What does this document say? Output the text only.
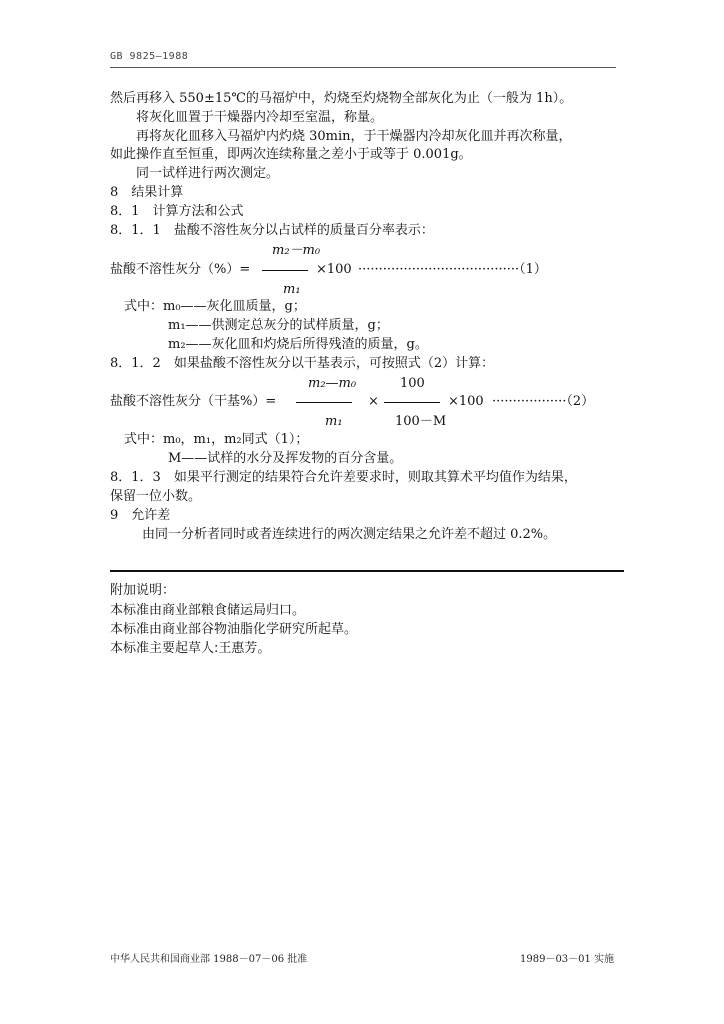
GB 9825—1988
然后再移入 550±15℃的马福炉中，灼烧至灼烧物全部灰化为止（一般为 1h）。
将灰化皿置于干燥器内冷却至室温，称量。
再将灰化皿移入马福炉内灼烧 30min，于干燥器内冷却灰化皿并再次称量，
如此操作直至恒重，即两次连续称量之差小于或等于 0.001g。
同一试样进行两次测定。
8　结果计算
8．1　计算方法和公式
8．1．1　盐酸不溶性灰分以占试样的质量百分率表示：
m₂－m₀
盐酸不溶性灰分（%）=	×100 ·······································（1）
m₁
式中：m₀——灰化皿质量，g；
m₁——供测定总灰分的试样质量，g；
m₂——灰化皿和灼烧后所得残渣的质量，g。
8．1．2　如果盐酸不溶性灰分以干基表示，可按照式（2）计算：
m₂—m₀	100
盐酸不溶性灰分（干基%）=	×	×100 ··················（2）
m₁	100－M
式中：m₀，m₁，m₂同式（1）；
M——试样的水分及挥发物的百分含量。
8．1．3　如果平行测定的结果符合允许差要求时，则取其算术平均值作为结果，
保留一位小数。
9　允许差
由同一分析者同时或者连续进行的两次测定结果之允许差不超过 0.2%。
附加说明：
本标准由商业部粮食储运局归口。
本标准由商业部谷物油脂化学研究所起草。
本标准主要起草人:王惠芳。
中华人民共和国商业部 1988－07－06 批准	1989－03－01 实施
